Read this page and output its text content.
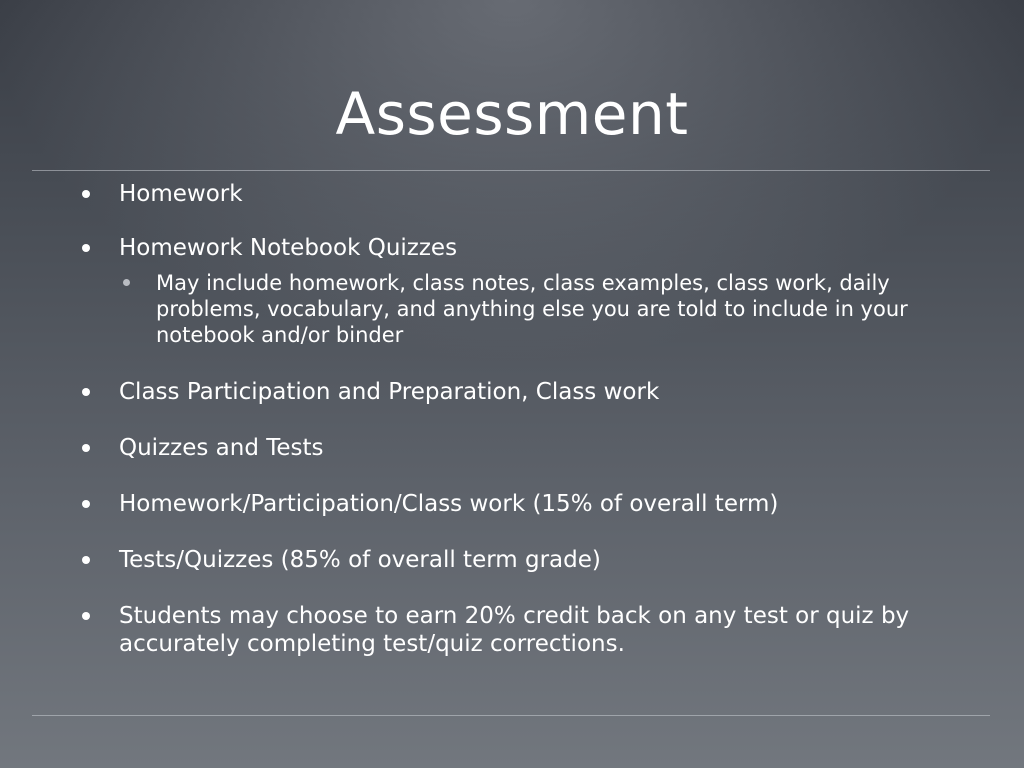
Assessment
Homework
Homework Notebook Quizzes
May include homework, class notes, class examples, class work, daily problems, vocabulary, and anything else you are told to include in your notebook and/or binder
Class Participation and Preparation, Class work
Quizzes and Tests
Homework/Participation/Class work (15% of overall term)
Tests/Quizzes (85% of overall term grade)
Students may choose to earn 20% credit back on any test or quiz by accurately completing test/quiz corrections.
